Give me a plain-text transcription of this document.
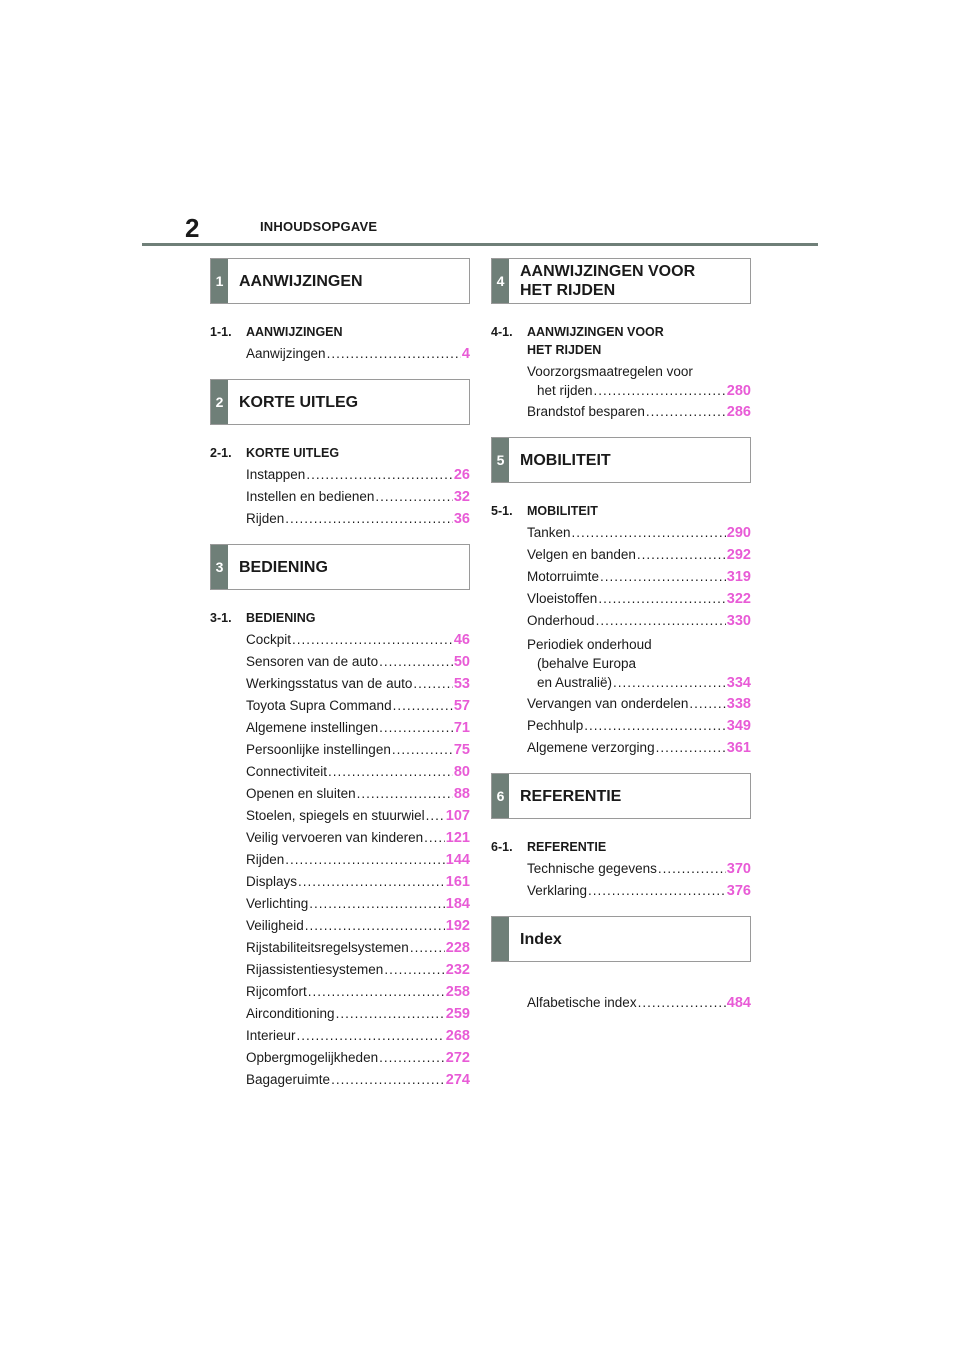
2	INHOUDSOPGAVE
1 AANWIJZINGEN
1-1.	AANWIJZINGEN
Aanwijzingen .....	4
2 KORTE UITLEG
2-1.	KORTE UITLEG
Instappen .....	26
Instellen en bedienen .....	32
Rijden .....	36
3 BEDIENING
3-1.	BEDIENING
Cockpit .....	46
Sensoren van de auto .....	50
Werkingsstatus van de auto .....	53
Toyota Supra Command .....	57
Algemene instellingen .....	71
Persoonlijke instellingen .....	75
Connectiviteit .....	80
Openen en sluiten .....	88
Stoelen, spiegels en stuurwiel ..... 107
Veilig vervoeren van kinderen ..... 121
Rijden .....	144
Displays .....	161
Verlichting .....	184
Veiligheid .....	192
Rijstabiliteitsregelsystemen .....	228
Rijassistentiesystemen .....	232
Rijcomfort .....	258
Airconditioning .....	259
Interieur .....	268
Opbergmogelijkheden .....	272
Bagageruimte .....	274
4
AANWIJZINGEN VOOR
HET RIJDEN
4-1.	AANWIJZINGEN VOOR
HET RIJDEN
Voorzorgsmaatregelen voor
het rijden .....	280
Brandstof besparen .....	286
5 MOBILITEIT
5-1.	MOBILITEIT
Tanken .....	290
Velgen en banden .....	292
Motorruimte .....	319
Vloeistoffen .....	322
Onderhoud .....	330
Periodiek onderhoud
(behalve Europa
en Australië) .....	334
Vervangen van onderdelen .....	338
Pechhulp .....	349
Algemene verzorging .....	361
6 REFERENTIE
6-1.	REFERENTIE
Technische gegevens .....	370
Verklaring .....	376
Index
Alfabetische index .....	484
